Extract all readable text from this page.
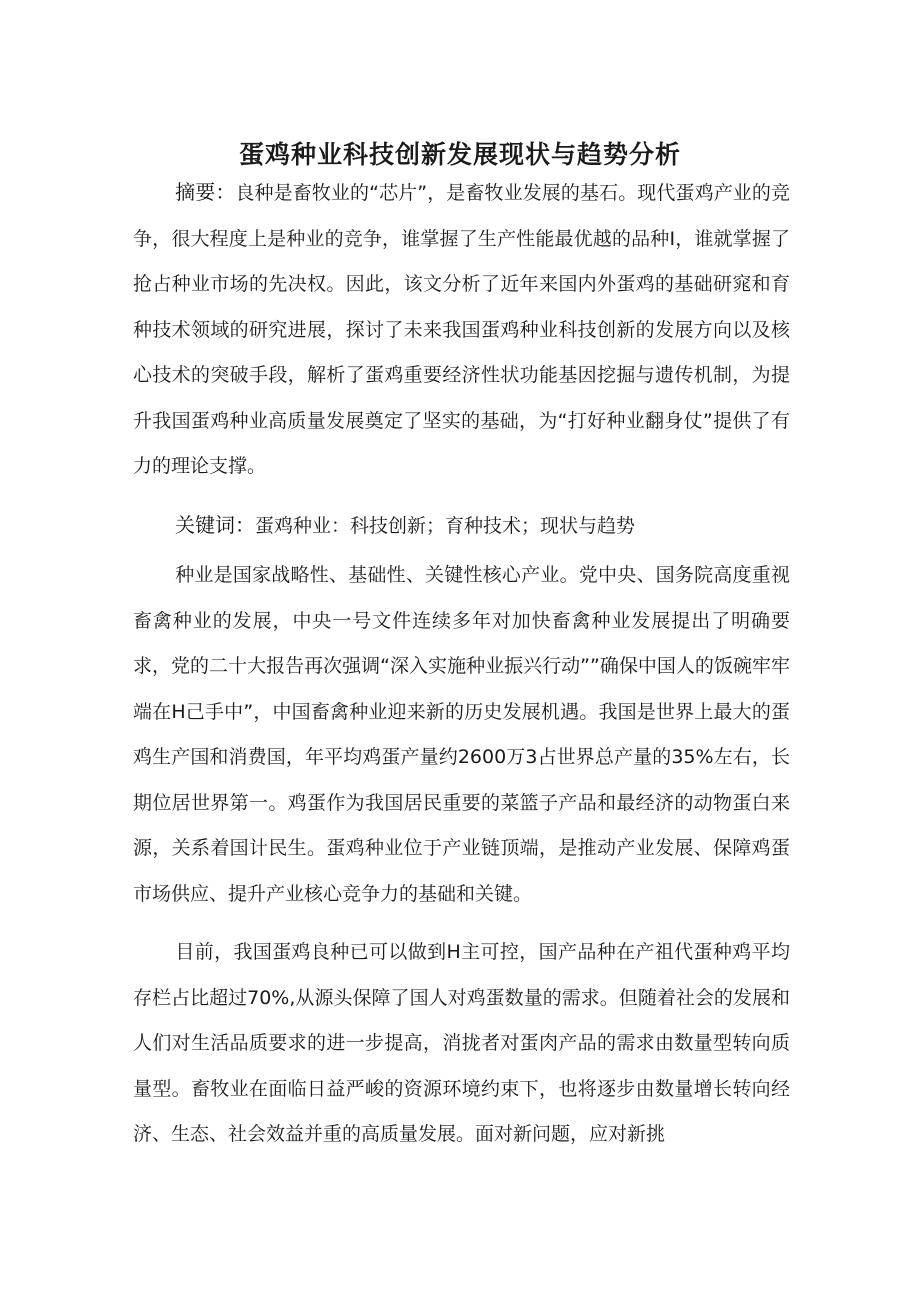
蛋鸡种业科技创新发展现状与趋势分析

摘要：良种是畜牧业的“芯片”，是畜牧业发展的基石。现代蛋鸡产业的竞争，很大程度上是种业的竞争，谁掌握了生产性能最优越的品种I，谁就掌握了抢占种业市场的先决权。因此，该文分析了近年来国内外蛋鸡的基础研窕和育种技术领域的研究进展，探讨了未来我国蛋鸡种业科技创新的发展方向以及核心技术的突破手段，解析了蛋鸡重要经济性状功能基因挖掘与遗传机制，为提升我国蛋鸡种业高质量发展奠定了坚实的基础，为“打好种业翻身仗”提供了有力的理论支撑。

关键词：蛋鸡种业：科技创新；育种技术；现状与趋势

种业是国家战略性、基础性、关键性核心产业。党中央、国务院高度重视畜禽种业的发展，中央一号文件连续多年对加快畜禽种业发展提出了明确要求，党的二十大报告再次强调“深入实施种业振兴行动””确保中国人的饭碗牢牢端在H己手中”，中国畜禽种业迎来新的历史发展机遇。我国是世界上最大的蛋鸡生产国和消费国，年平均鸡蛋产量约2600万3占世界总产量的35%左右，长期位居世界第一。鸡蛋作为我国居民重要的菜篮子产品和最经济的动物蛋白来源，关系着国计民生。蛋鸡种业位于产业链顶端，是推动产业发展、保障鸡蛋市场供应、提升产业核心竞争力的基础和关键。

目前，我国蛋鸡良种已可以做到H主可控，国产品种在产祖代蛋种鸡平均存栏占比超过70%,从源头保障了国人对鸡蛋数量的需求。但随着社会的发展和人们对生活品质要求的进一步提高，消拢者对蛋肉产品的需求由数量型转向质量型。畜牧业在面临日益严峻的资源环境约束下，也将逐步由数量增长转向经济、生态、社会效益并重的高质量发展。面对新问题，应对新挑
